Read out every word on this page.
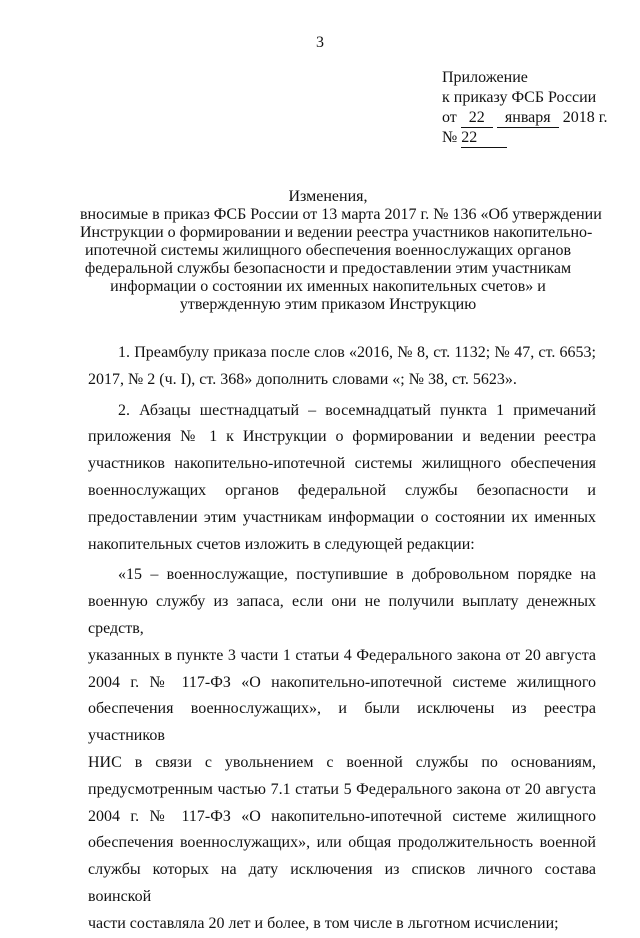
3
Приложение
к приказу ФСБ России
от 22 января 2018 г.
№ 22
Изменения,
вносимые в приказ ФСБ России от 13 марта 2017 г. № 136 «Об утверждении
Инструкции о формировании и ведении реестра участников накопительно-
ипотечной системы жилищного обеспечения военнослужащих органов
федеральной службы безопасности и предоставлении этим участникам
информации о состоянии их именных накопительных счетов» и
утвержденную этим приказом Инструкцию
1. Преамбулу приказа после слов «2016, № 8, ст. 1132; № 47, ст. 6653;
2017, № 2 (ч. I), ст. 368» дополнить словами «; № 38, ст. 5623».
2. Абзацы шестнадцатый – восемнадцатый пункта 1 примечаний
приложения № 1 к Инструкции о формировании и ведении реестра
участников накопительно-ипотечной системы жилищного обеспечения
военнослужащих органов федеральной службы безопасности и
предоставлении этим участникам информации о состоянии их именных
накопительных счетов изложить в следующей редакции:
«15 – военнослужащие, поступившие в добровольном порядке на
военную службу из запаса, если они не получили выплату денежных средств,
указанных в пункте 3 части 1 статьи 4 Федерального закона от 20 августа
2004 г. № 117-ФЗ «О накопительно-ипотечной системе жилищного
обеспечения военнослужащих», и были исключены из реестра участников
НИС в связи с увольнением с военной службы по основаниям,
предусмотренным частью 7.1 статьи 5 Федерального закона от 20 августа
2004 г. № 117-ФЗ «О накопительно-ипотечной системе жилищного
обеспечения военнослужащих», или общая продолжительность военной
службы которых на дату исключения из списков личного состава воинской
части составляла 20 лет и более, в том числе в льготном исчислении;
